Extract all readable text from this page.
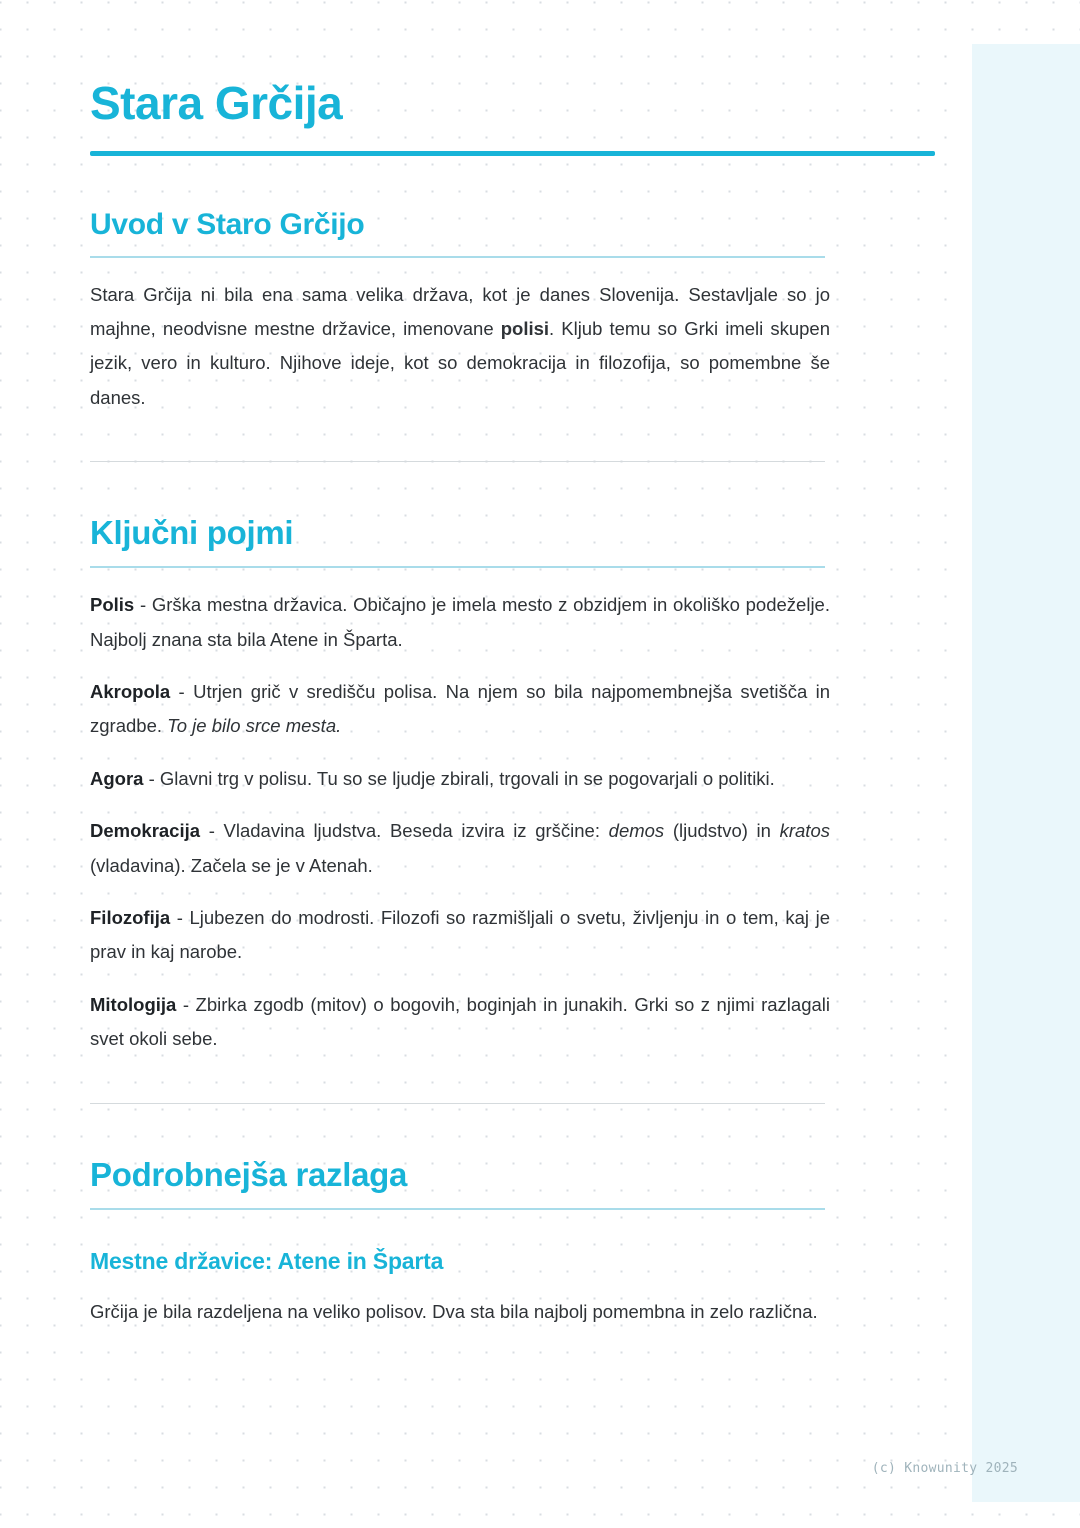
Stara Grčija
Uvod v Staro Grčijo

Stara Grčija ni bila ena sama velika država, kot je danes Slovenija. Sestavljale so jo majhne, neodvisne mestne državice, imenovane polisi. Kljub temu so Grki imeli skupen jezik, vero in kulturo. Njihove ideje, kot so demokracija in filozofija, so pomembne še danes.

Ključni pojmi

Polis - Grška mestna državica. Običajno je imela mesto z obzidjem in okoliško podeželje. Najbolj znana sta bila Atene in Šparta.

Akropola - Utrjen grič v središču polisa. Na njem so bila najpomembnejša svetišča in zgradbe. To je bilo srce mesta.

Agora - Glavni trg v polisu. Tu so se ljudje zbirali, trgovali in se pogovarjali o politiki.

Demokracija - Vladavina ljudstva. Beseda izvira iz grščine: demos (ljudstvo) in kratos (vladavina). Začela se je v Atenah.

Filozofija - Ljubezen do modrosti. Filozofi so razmišljali o svetu, življenju in o tem, kaj je prav in kaj narobe.

Mitologija - Zbirka zgodb (mitov) o bogovih, boginjah in junakih. Grki so z njimi razlagali svet okoli sebe.

Podrobnejša razlaga
Mestne državice: Atene in Šparta

Grčija je bila razdeljena na veliko polisov. Dva sta bila najbolj pomembna in zelo različna.

(c) Knowunity 2025
